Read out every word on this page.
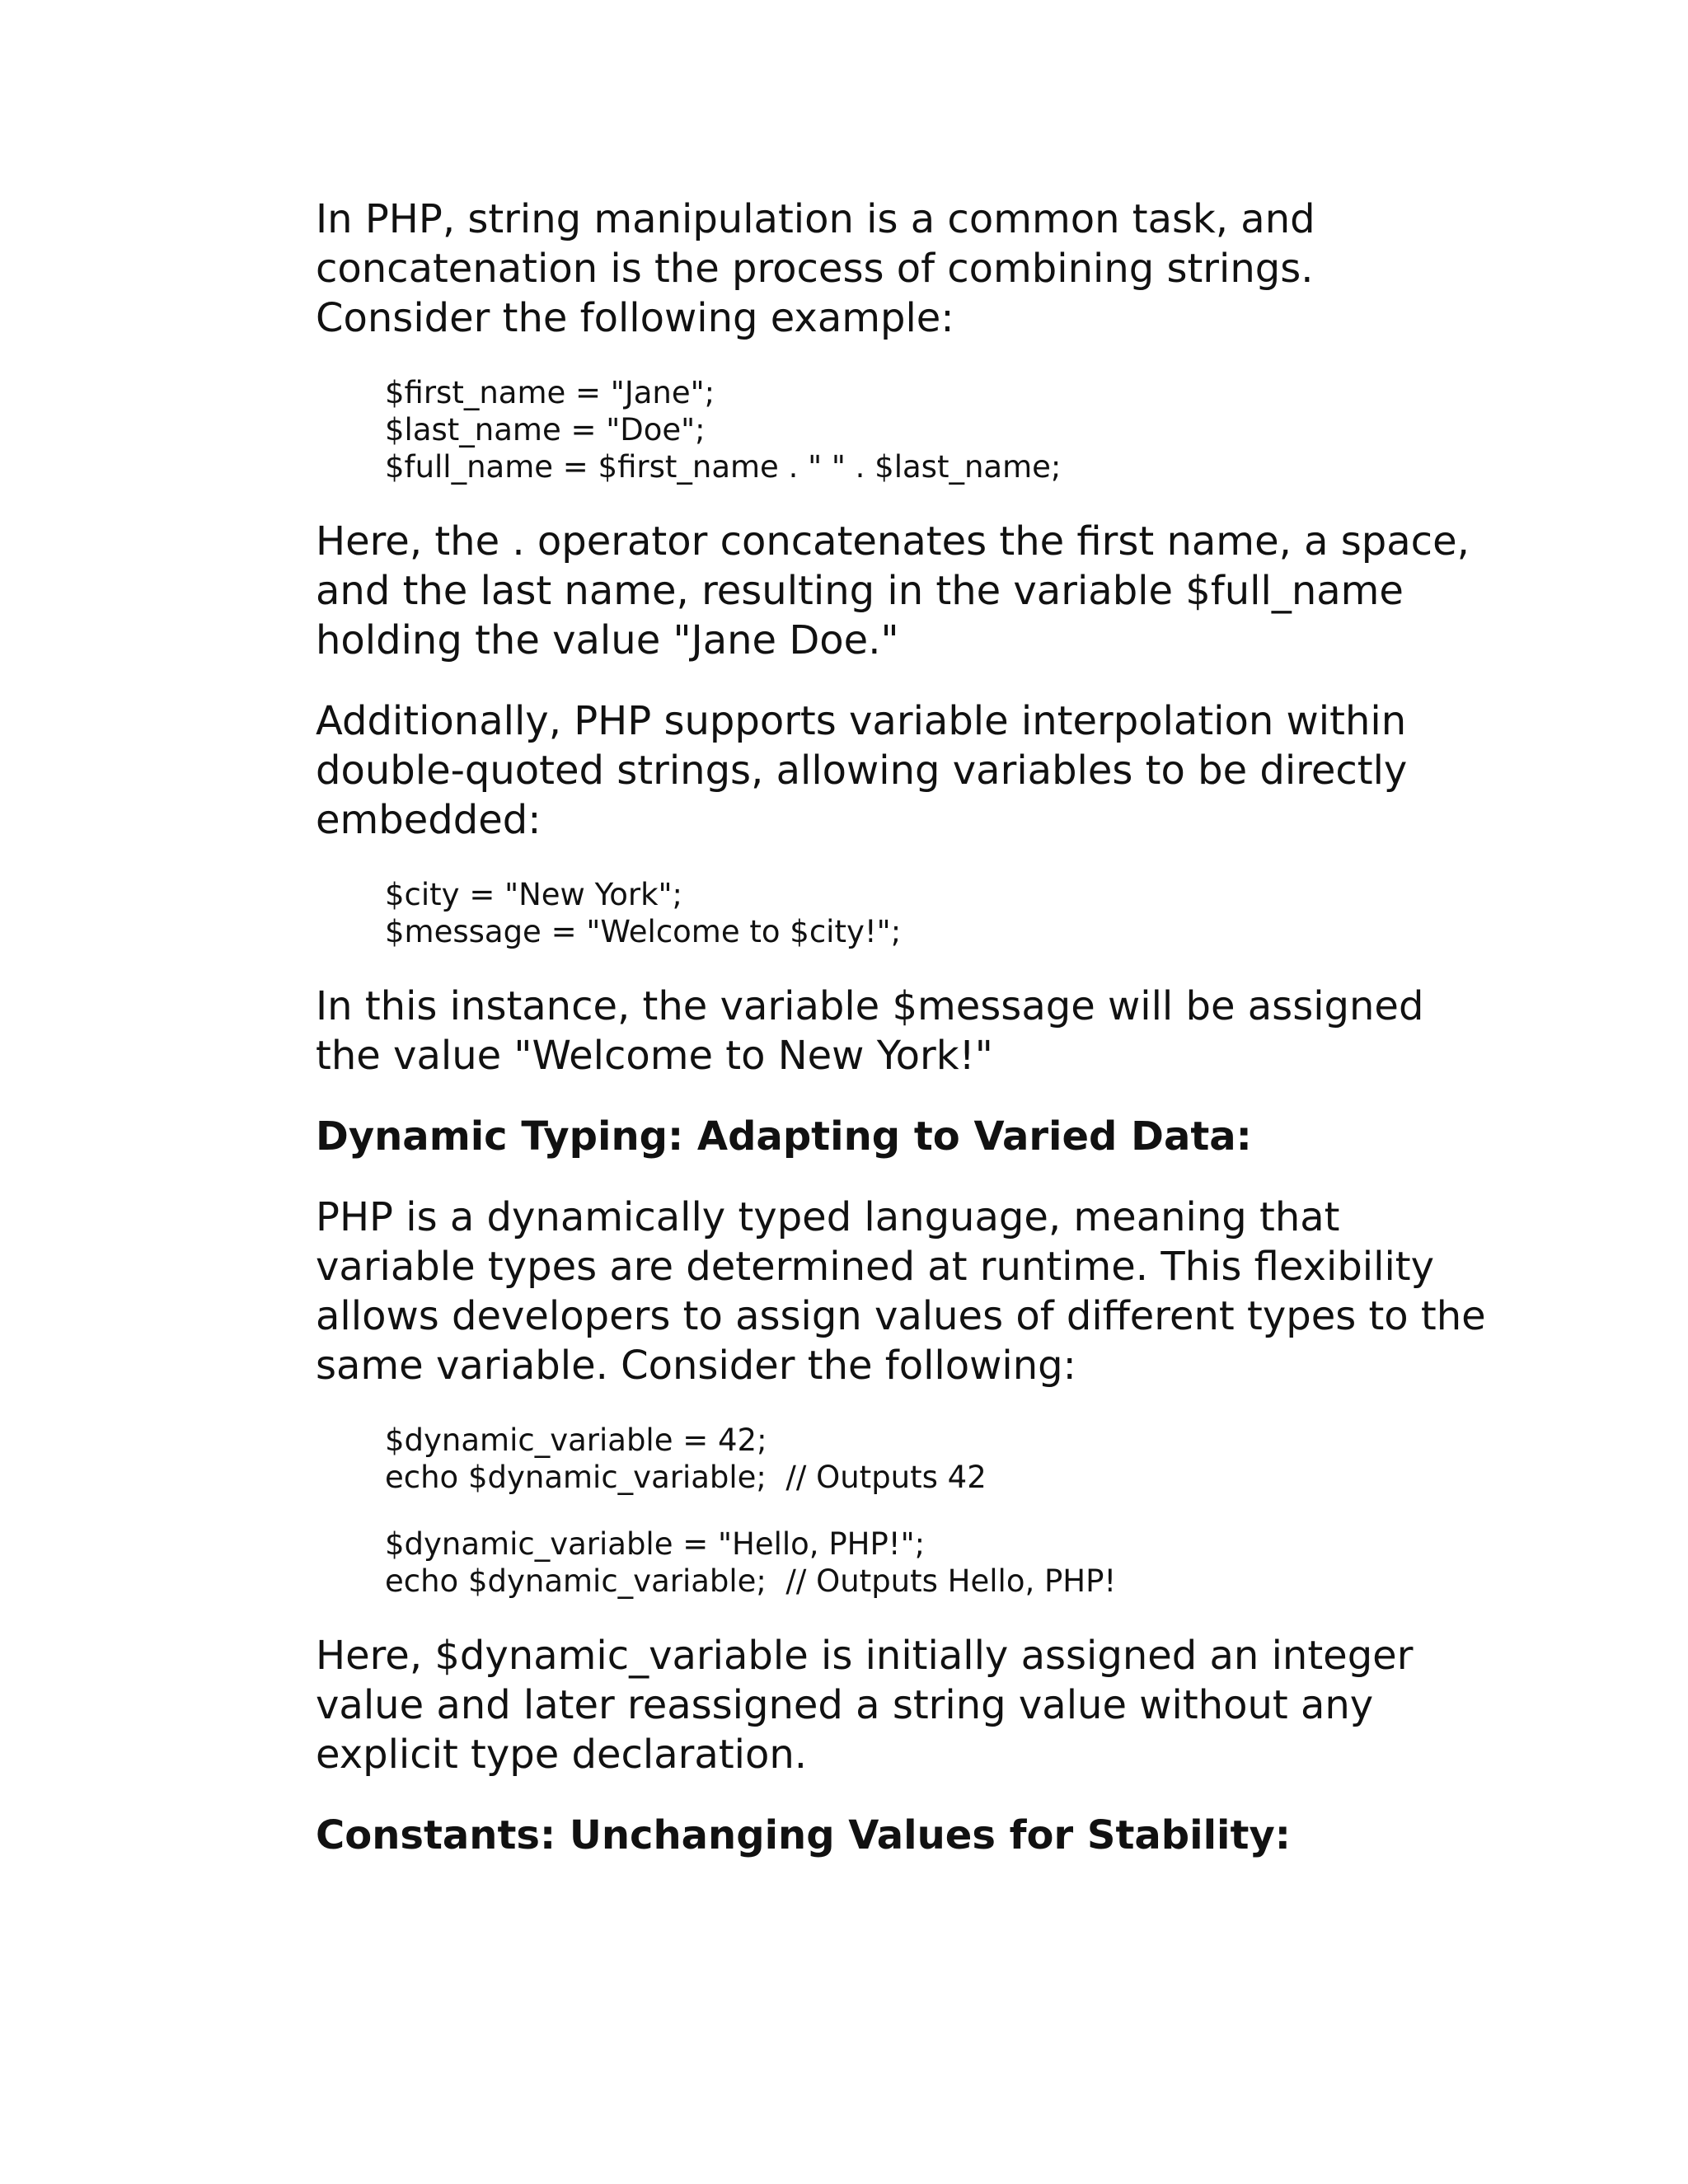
In PHP, string manipulation is a common task, and concatenation is the process of combining strings. Consider the following example:

$first_name = "Jane";
$last_name = "Doe";
$full_name = $first_name . " " . $last_name;

Here, the . operator concatenates the first name, a space, and the last name, resulting in the variable $full_name holding the value "Jane Doe."

Additionally, PHP supports variable interpolation within double-quoted strings, allowing variables to be directly embedded:

$city = "New York";
$message = "Welcome to $city!";

In this instance, the variable $message will be assigned the value "Welcome to New York!"

Dynamic Typing: Adapting to Varied Data:

PHP is a dynamically typed language, meaning that variable types are determined at runtime. This flexibility allows developers to assign values of different types to the same variable. Consider the following:

$dynamic_variable = 42;
echo $dynamic_variable;  // Outputs 42
$dynamic_variable = "Hello, PHP!";
echo $dynamic_variable;  // Outputs Hello, PHP!

Here, $dynamic_variable is initially assigned an integer value and later reassigned a string value without any explicit type declaration.

Constants: Unchanging Values for Stability:
